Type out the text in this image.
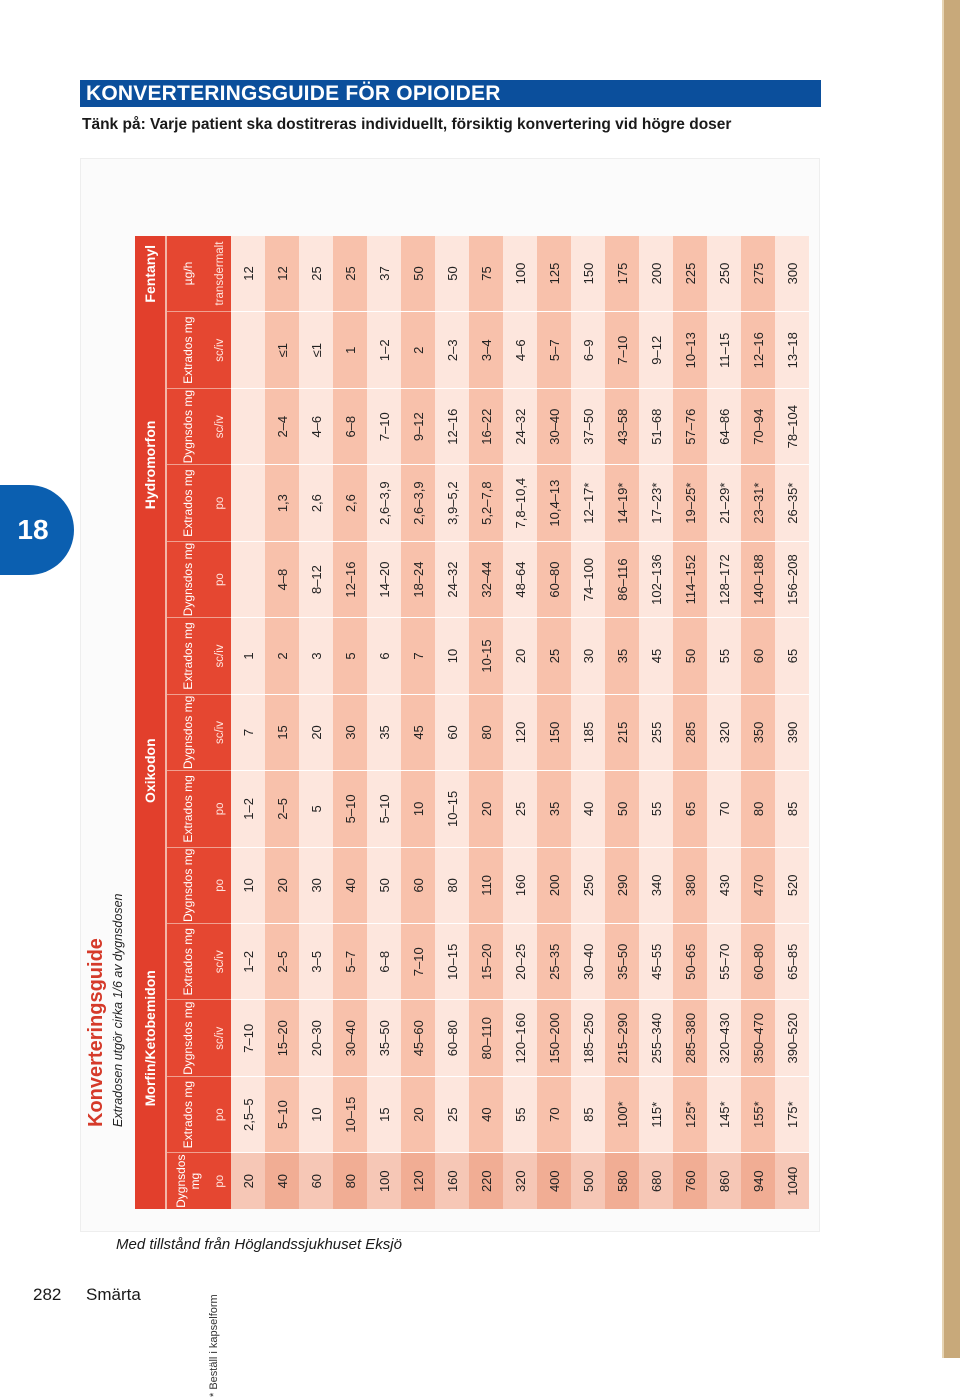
KONVERTERINGSGUIDE FÖR OPIOIDER
Tänk på: Varje patient ska dostitreras individuellt, försiktig konvertering vid högre doser
18
Konverteringsguide Extradosen utgör cirka 1/6 av dygnsdosen
	Morfin/Ketobemidon			Oxikodon				Hydromorfon				Fentanyl
Dygnsdos mg	Extrados mg	Dygnsdos mg	Extrados mg	Dygnsdos mg	Extrados mg	Dygnsdos mg	Extrados mg	Dygnsdos mg	Extrados mg	Dygnsdos mg	Extrados mg	µg/h
po	po	sc/iv	sc/iv	po	po	sc/iv	sc/iv	po	po	sc/iv	sc/iv	transdermalt
20	2,5–5	7–10	1–2	10	1–2	7	1					12
40	5–10	15–20	2–5	20	2–5	15	2	4–8	1,3	2–4	≤1	12
60	10	20–30	3–5	30	5	20	3	8–12	2,6	4–6	≤1	25
80	10–15	30–40	5–7	40	5–10	30	5	12–16	2,6	6–8	1	25
100	15	35–50	6–8	50	5–10	35	6	14–20	2,6–3,9	7–10	1–2	37
120	20	45–60	7–10	60	10	45	7	18–24	2,6–3,9	9–12	2	50
160	25	60–80	10–15	80	10–15	60	10	24–32	3,9–5,2	12–16	2–3	50
220	40	80–110	15–20	110	20	80	10-15	32–44	5,2–7,8	16–22	3–4	75
320	55	120–160	20–25	160	25	120	20	48–64	7,8–10,4	24–32	4–6	100
400	70	150–200	25–35	200	35	150	25	60–80	10,4–13	30–40	5–7	125
500	85	185–250	30–40	250	40	185	30	74–100	12–17*	37–50	6–9	150
580	100*	215–290	35–50	290	50	215	35	86–116	14–19*	43–58	7–10	175
680	115*	255–340	45–55	340	55	255	45	102–136	17–23*	51–68	9–12	200
760	125*	285–380	50–65	380	65	285	50	114–152	19–25*	57–76	10–13	225
860	145*	320–430	55–70	430	70	320	55	128–172	21–29*	64–86	11–15	250
940	155*	350–470	60–80	470	80	350	60	140–188	23–31*	70–94	12–16	275
1040	175*	390–520	65–85	520	85	390	65	156–208	26–35*	78–104	13–18	300
* Beställ i kapselform
Med tillstånd från Höglandssjukhuset Eksjö
282 Smärta
